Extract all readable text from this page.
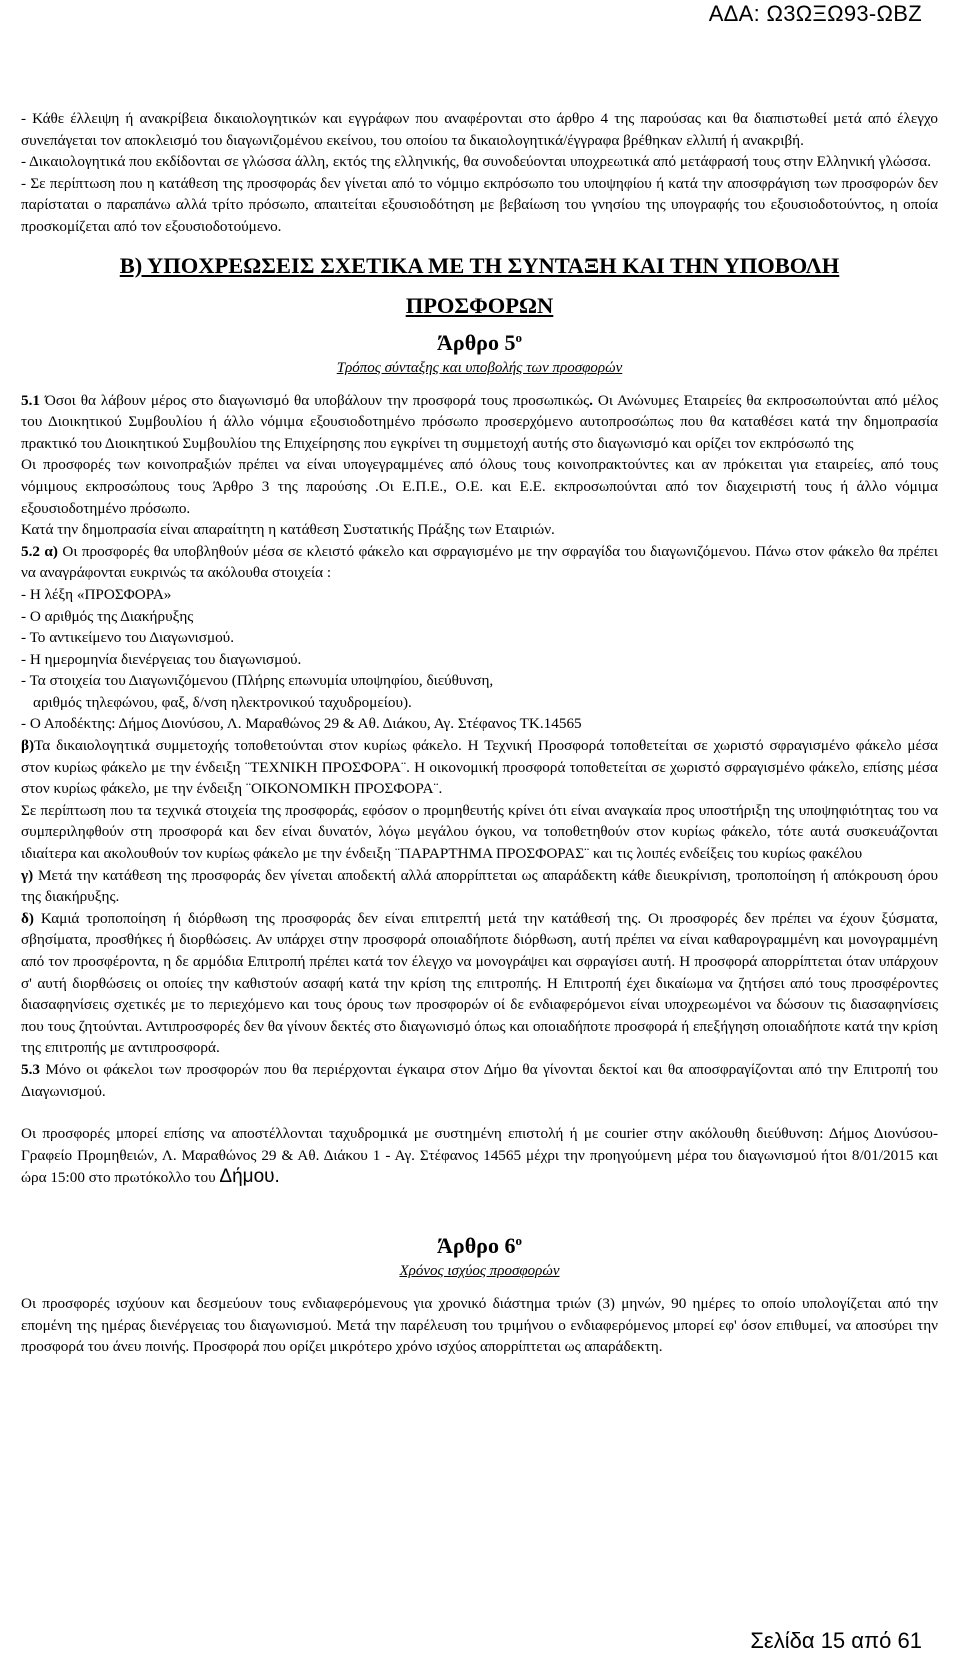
ΑΔΑ: Ω3ΩΞΩ93-ΩΒΖ

- Κάθε έλλειψη ή ανακρίβεια δικαιολογητικών και εγγράφων που αναφέρονται στο άρθρο 4 της παρούσας και θα διαπιστωθεί μετά από έλεγχο συνεπάγεται τον αποκλεισμό του διαγωνιζομένου εκείνου, του οποίου τα δικαιολογητικά/έγγραφα βρέθηκαν ελλιπή ή ανακριβή.

- Δικαιολογητικά που εκδίδονται σε γλώσσα άλλη, εκτός της ελληνικής, θα συνοδεύονται υποχρεωτικά από μετάφρασή τους στην Ελληνική γλώσσα.

- Σε περίπτωση που η κατάθεση της προσφοράς δεν γίνεται από το νόμιμο εκπρόσωπο του υποψηφίου ή κατά την αποσφράγιση των προσφορών δεν παρίσταται ο παραπάνω αλλά τρίτο πρόσωπο, απαιτείται εξουσιοδότηση με βεβαίωση του γνησίου της υπογραφής του εξουσιοδοτούντος, η οποία προσκομίζεται από τον εξουσιοδοτούμενο.

Β) ΥΠΟΧΡΕΩΣΕΙΣ ΣΧΕΤΙΚΑ ΜΕ ΤΗ ΣΥΝΤΑΞΗ ΚΑΙ ΤΗΝ ΥΠΟΒΟΛΗ
ΠΡΟΣΦΟΡΩΝ
Άρθρο $5^o$
Τρόπος σύνταξης και υποβολής των προσφορών

5.1 Όσοι θα λάβουν μέρος στο διαγωνισμό θα υποβάλουν την προσφορά τους προσωπικώς. Οι Ανώνυμες Εταιρείες θα εκπροσωπούνται από μέλος του Διοικητικού Συμβουλίου ή άλλο νόμιμα εξουσιοδοτημένο πρόσωπο προσερχόμενο αυτοπροσώπως που θα καταθέσει κατά την δημοπρασία πρακτικό του Διοικητικού Συμβουλίου της Επιχείρησης που εγκρίνει τη συμμετοχή αυτής στο διαγωνισμό και ορίζει τον εκπρόσωπό της

Οι προσφορές των κοινοπραξιών πρέπει να είναι υπογεγραμμένες από όλους τους κοινοπρακτούντες και αν πρόκειται για εταιρείες, από τους νόμιμους εκπροσώπους τους Άρθρο 3 της παρούσης .Οι Ε.Π.Ε., Ο.Ε. και Ε.Ε. εκπροσωπούνται από τον διαχειριστή τους ή άλλο νόμιμα εξουσιοδοτημένο πρόσωπο.

Κατά την δημοπρασία είναι απαραίτητη η κατάθεση Συστατικής Πράξης των Εταιριών.

5.2 α) Οι προσφορές θα υποβληθούν μέσα σε κλειστό φάκελο και σφραγισμένο με την σφραγίδα του διαγωνιζόμενου. Πάνω στον φάκελο θα πρέπει να αναγράφονται ευκρινώς τα ακόλουθα στοιχεία :

- Η λέξη «ΠΡΟΣΦΟΡΑ»

- Ο αριθμός της Διακήρυξης

- Το αντικείμενο του Διαγωνισμού.

- Η ημερομηνία διενέργειας του διαγωνισμού.

- Τα στοιχεία του Διαγωνιζόμενου (Πλήρης επωνυμία υποψηφίου, διεύθυνση,

αριθμός τηλεφώνου, φαξ, δ/νση ηλεκτρονικού ταχυδρομείου).

- Ο Αποδέκτης: Δήμος Διονύσου, Λ. Μαραθώνος 29 & Αθ. Διάκου, Αγ. Στέφανος ΤΚ.14565

β)Τα δικαιολογητικά συμμετοχής τοποθετούνται στον κυρίως φάκελο. Η Τεχνική Προσφορά τοποθετείται σε χωριστό σφραγισμένο φάκελο μέσα στον κυρίως φάκελο με την ένδειξη ¨ΤΕΧΝΙΚΗ ΠΡΟΣΦΟΡΑ¨. Η οικονομική προσφορά τοποθετείται σε χωριστό σφραγισμένο φάκελο, επίσης μέσα στον κυρίως φάκελο, με την ένδειξη ¨ΟΙΚΟΝΟΜΙΚΗ ΠΡΟΣΦΟΡΑ¨.

Σε περίπτωση που τα τεχνικά στοιχεία της προσφοράς, εφόσον ο προμηθευτής κρίνει ότι είναι αναγκαία προς υποστήριξη της υποψηφιότητας του να συμπεριληφθούν στη προσφορά και δεν είναι δυνατόν, λόγω μεγάλου όγκου, να τοποθετηθούν στον κυρίως φάκελο, τότε αυτά συσκευάζονται ιδιαίτερα και ακολουθούν τον κυρίως φάκελο με την ένδειξη ¨ΠΑΡΑΡΤΗΜΑ ΠΡΟΣΦΟΡΑΣ¨ και τις λοιπές ενδείξεις του κυρίως φακέλου

γ) Μετά την κατάθεση της προσφοράς δεν γίνεται αποδεκτή αλλά απορρίπτεται ως απαράδεκτη κάθε διευκρίνιση, τροποποίηση ή απόκρουση όρου της διακήρυξης.

δ) Καμιά τροποποίηση ή διόρθωση της προσφοράς δεν είναι επιτρεπτή μετά την κατάθεσή της. Οι προσφορές δεν πρέπει να έχουν ξύσματα, σβησίματα, προσθήκες ή διορθώσεις. Αν υπάρχει στην προσφορά οποιαδήποτε διόρθωση, αυτή πρέπει να είναι καθαρογραμμένη και μονογραμμένη από τον προσφέροντα, η δε αρμόδια Επιτροπή πρέπει κατά τον έλεγχο να μονογράψει και σφραγίσει αυτή. Η προσφορά απορρίπτεται όταν υπάρχουν σ' αυτή διορθώσεις οι οποίες την καθιστούν ασαφή κατά την κρίση της επιτροπής. Η Επιτροπή έχει δικαίωμα να ζητήσει από τους προσφέροντες διασαφηνίσεις σχετικές με το περιεχόμενο και τους όρους των προσφορών οί δε ενδιαφερόμενοι είναι υποχρεωμένοι να δώσουν τις διασαφηνίσεις που τους ζητούνται. Αντιπροσφορές δεν θα γίνουν δεκτές στο διαγωνισμό όπως και οποιαδήποτε προσφορά ή επεξήγηση οποιαδήποτε κατά την κρίση της επιτροπής με αντιπροσφορά.

5.3 Μόνο οι φάκελοι των προσφορών που θα περιέρχονται έγκαιρα στον Δήμο θα γίνονται δεκτοί και θα αποσφραγίζονται από την Επιτροπή του Διαγωνισμού.

Οι προσφορές μπορεί επίσης να αποστέλλονται ταχυδρομικά με συστημένη επιστολή ή με courier στην ακόλουθη διεύθυνση: Δήμος Διονύσου-Γραφείο Προμηθειών, Λ. Μαραθώνος 29 & Αθ. Διάκου 1 - Αγ. Στέφανος 14565 μέχρι την προηγούμενη μέρα του διαγωνισμού ήτοι 8/01/2015 και ώρα 15:00 στο πρωτόκολλο του Δήμου.

Άρθρο $6^o$
Χρόνος ισχύος προσφορών

Οι προσφορές ισχύουν και δεσμεύουν τους ενδιαφερόμενους για χρονικό διάστημα τριών (3) μηνών, 90 ημέρες το οποίο υπολογίζεται από την επομένη της ημέρας διενέργειας του διαγωνισμού. Μετά την παρέλευση του τριμήνου ο ενδιαφερόμενος μπορεί εφ' όσον επιθυμεί, να αποσύρει την προσφορά του άνευ ποινής. Προσφορά που ορίζει μικρότερο χρόνο ισχύος απορρίπτεται ως απαράδεκτη.

Σελίδα 15 από 61
